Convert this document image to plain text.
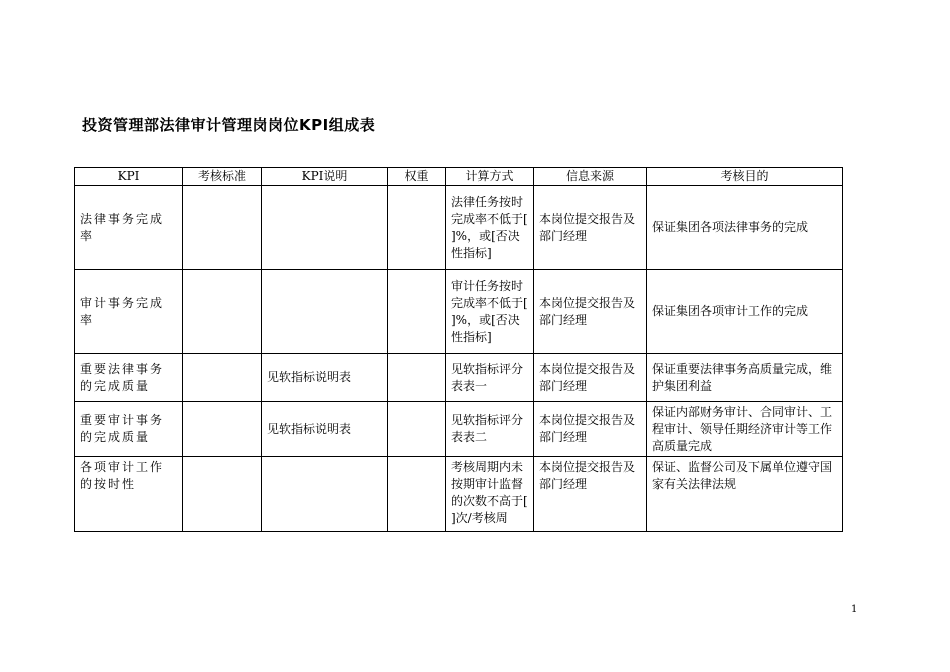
投资管理部法律审计管理岗岗位KPI组成表
KPI	考核标准	KPI说明	权重	计算方式	信息来源	考核目的
法律事务完成率				法律任务按时完成率不低于[ ]%，或[否决性指标]	本岗位提交报告及部门经理	保证集团各项法律事务的完成
审计事务完成率				审计任务按时完成率不低于[ ]%，或[否决性指标]	本岗位提交报告及部门经理	保证集团各项审计工作的完成
重要法律事务的完成质量		见软指标说明表		见软指标评分表表一	本岗位提交报告及部门经理	保证重要法律事务高质量完成，维护集团利益
重要审计事务的完成质量		见软指标说明表		见软指标评分表表二	本岗位提交报告及部门经理	保证内部财务审计、合同审计、工程审计、领导任期经济审计等工作高质量完成
各项审计工作的按时性				考核周期内未按期审计监督的次数不高于[ ]次/考核周	本岗位提交报告及部门经理	保证、监督公司及下属单位遵守国家有关法律法规
1
